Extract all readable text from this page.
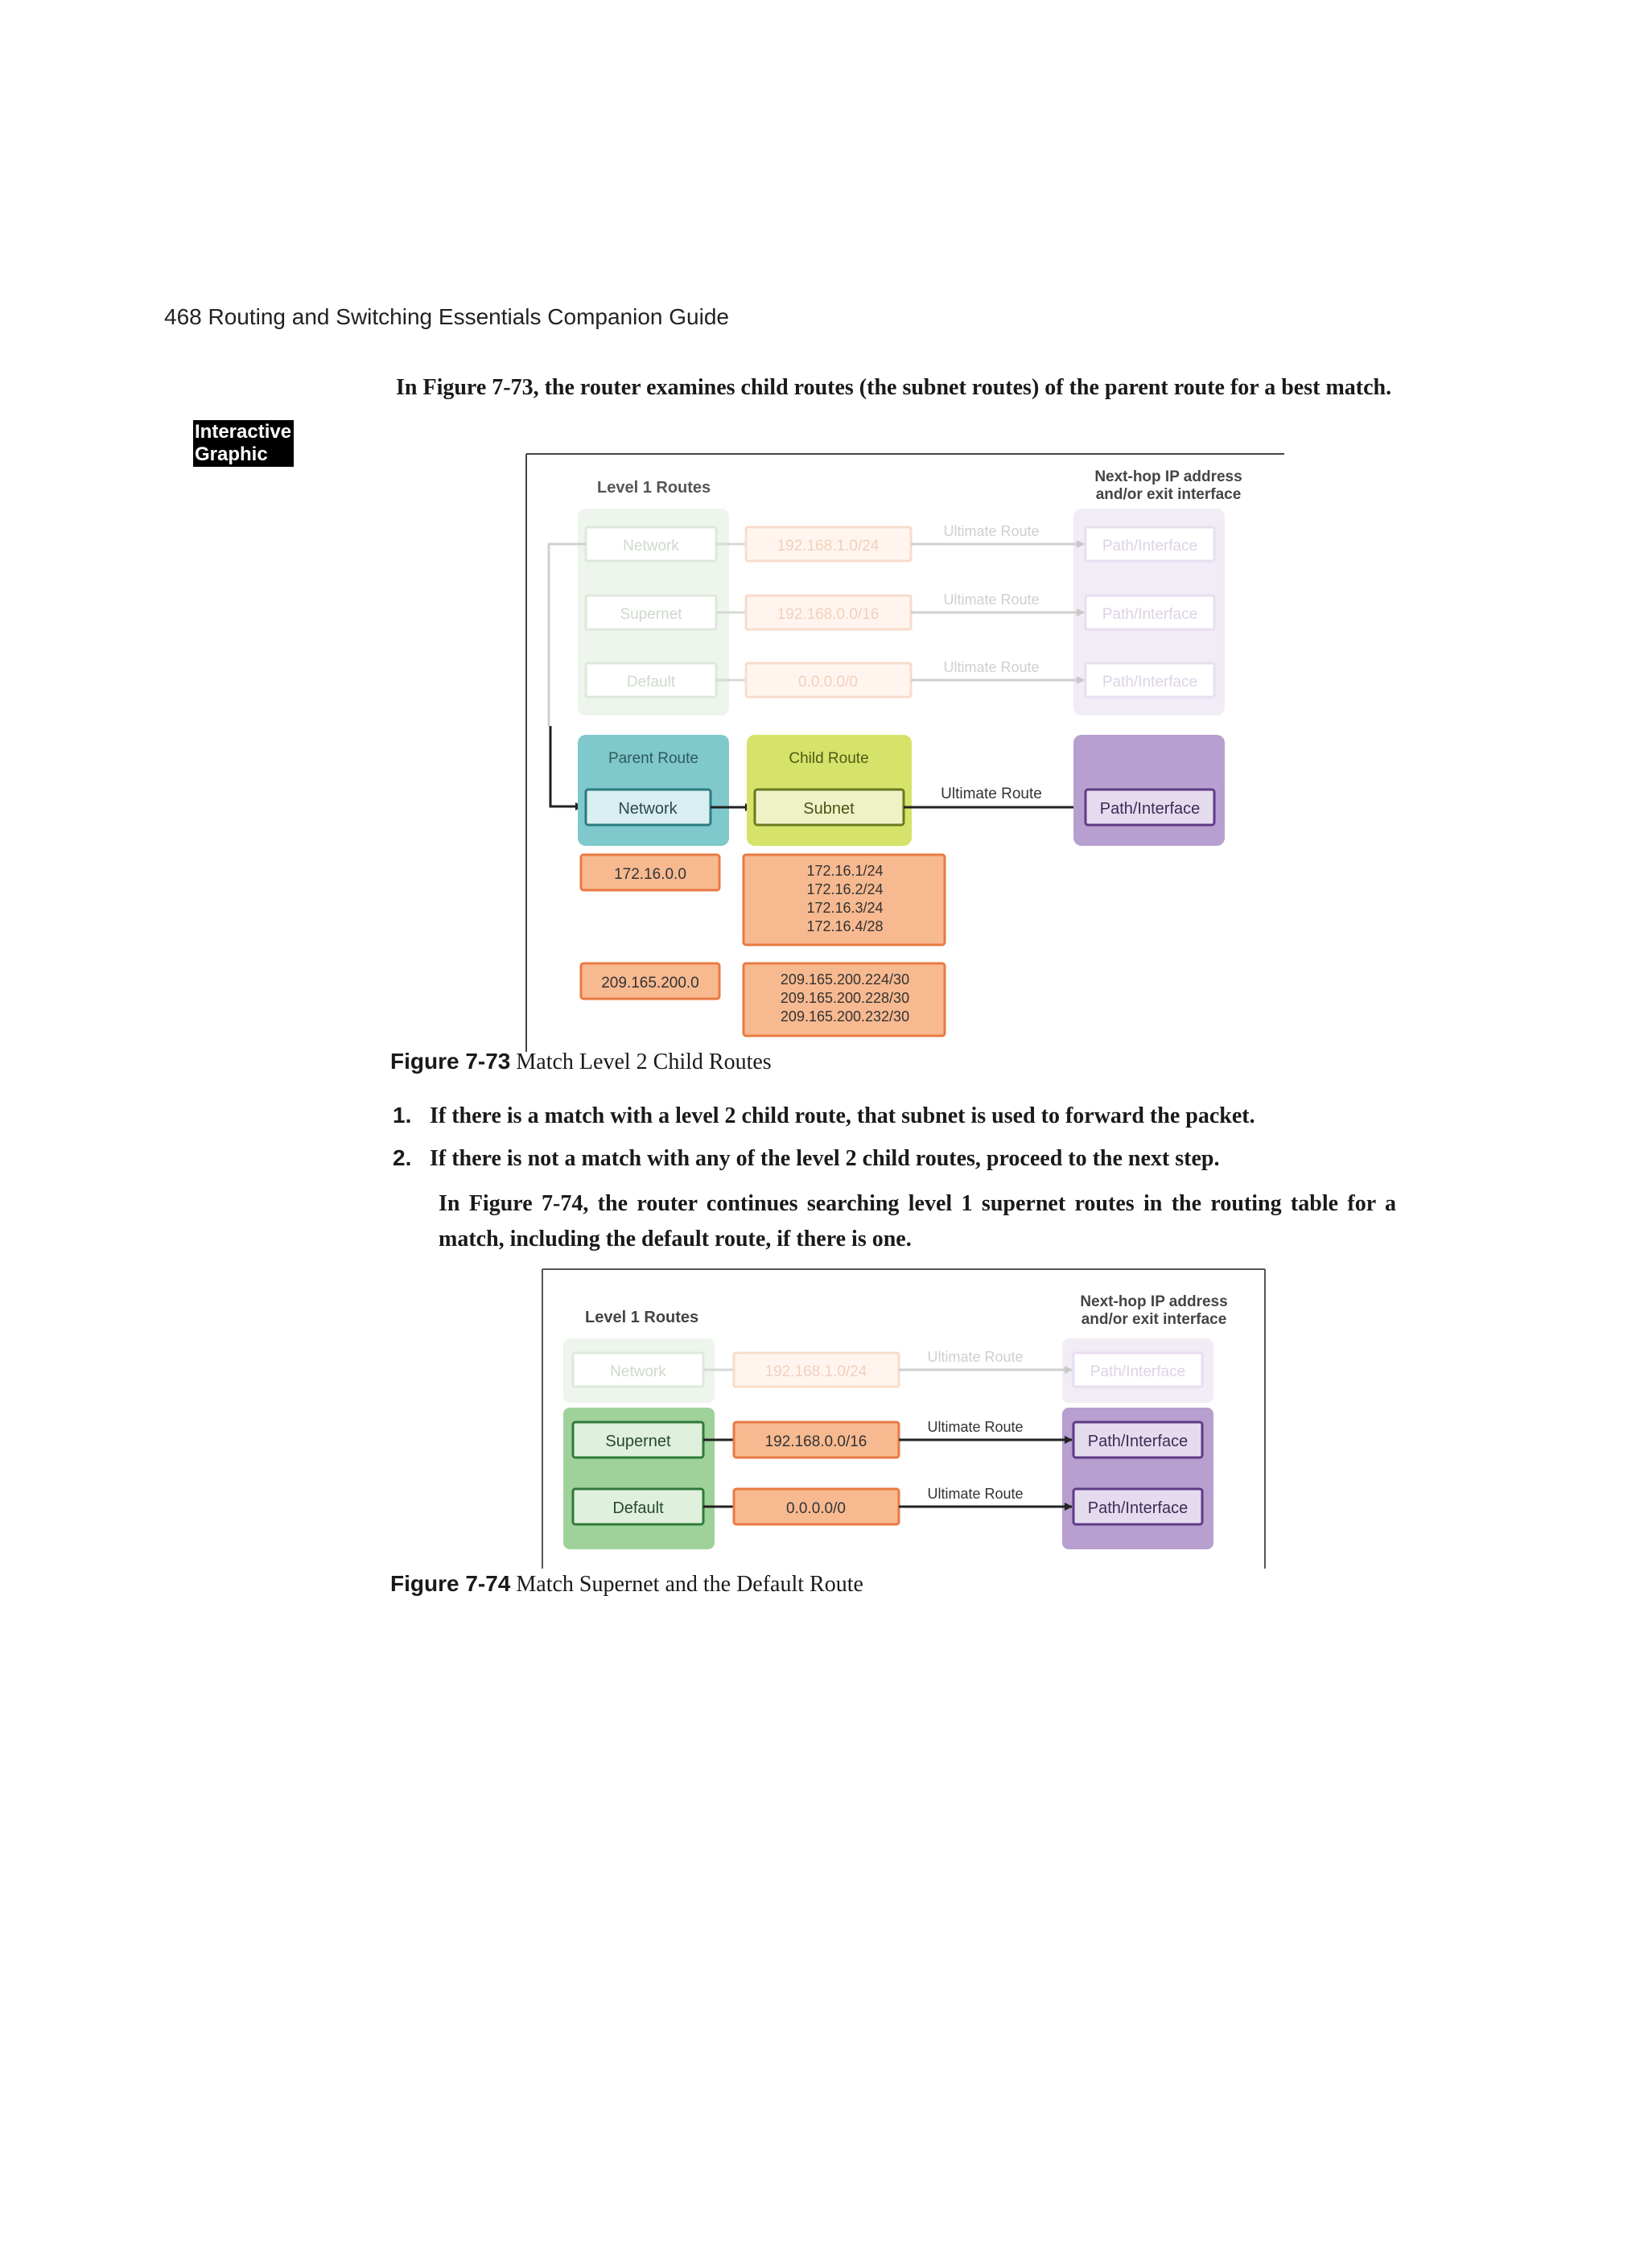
468 Routing and Switching Essentials Companion Guide
Interactive
Graphic
In Figure 7-73, the router examines child routes (the subnet routes) of the parent route for a best match.
Level 1 Routes
Next-hop IP address
and/or exit interface
Network	192.168.1.0/24
Ultimate Route
Path/Interface
Supernet	192.168.0.0/16
Ultimate Route
Path/Interface
Default	0.0.0.0/0
Ultimate Route
Path/Interface
Parent Route
Network
Child Route
Subnet
Ultimate Route
Path/Interface
172.16.0.0	172.16.1/24
172.16.2/24
172.16.3/24
172.16.4/28
209.165.200.0	209.165.200.224/30
209.165.200.228/30
209.165.200.232/30
Figure 7-73 Match Level 2 Child Routes
1. If there is a match with a level 2 child route, that subnet is used to forward the packet.
2. If there is not a match with any of the level 2 child routes, proceed to the next step.
In Figure 7-74, the router continues searching level 1 supernet routes in the routing table for a match, including the default route, if there is one.
Level 1 Routes
Next-hop IP address
and/or exit interface
Network	192.168.1.0/24
Ultimate Route
Path/Interface
Supernet	192.168.0.0/16
Ultimate Route
Path/Interface
Default	0.0.0.0/0
Ultimate Route
Path/Interface
Figure 7-74 Match Supernet and the Default Route
